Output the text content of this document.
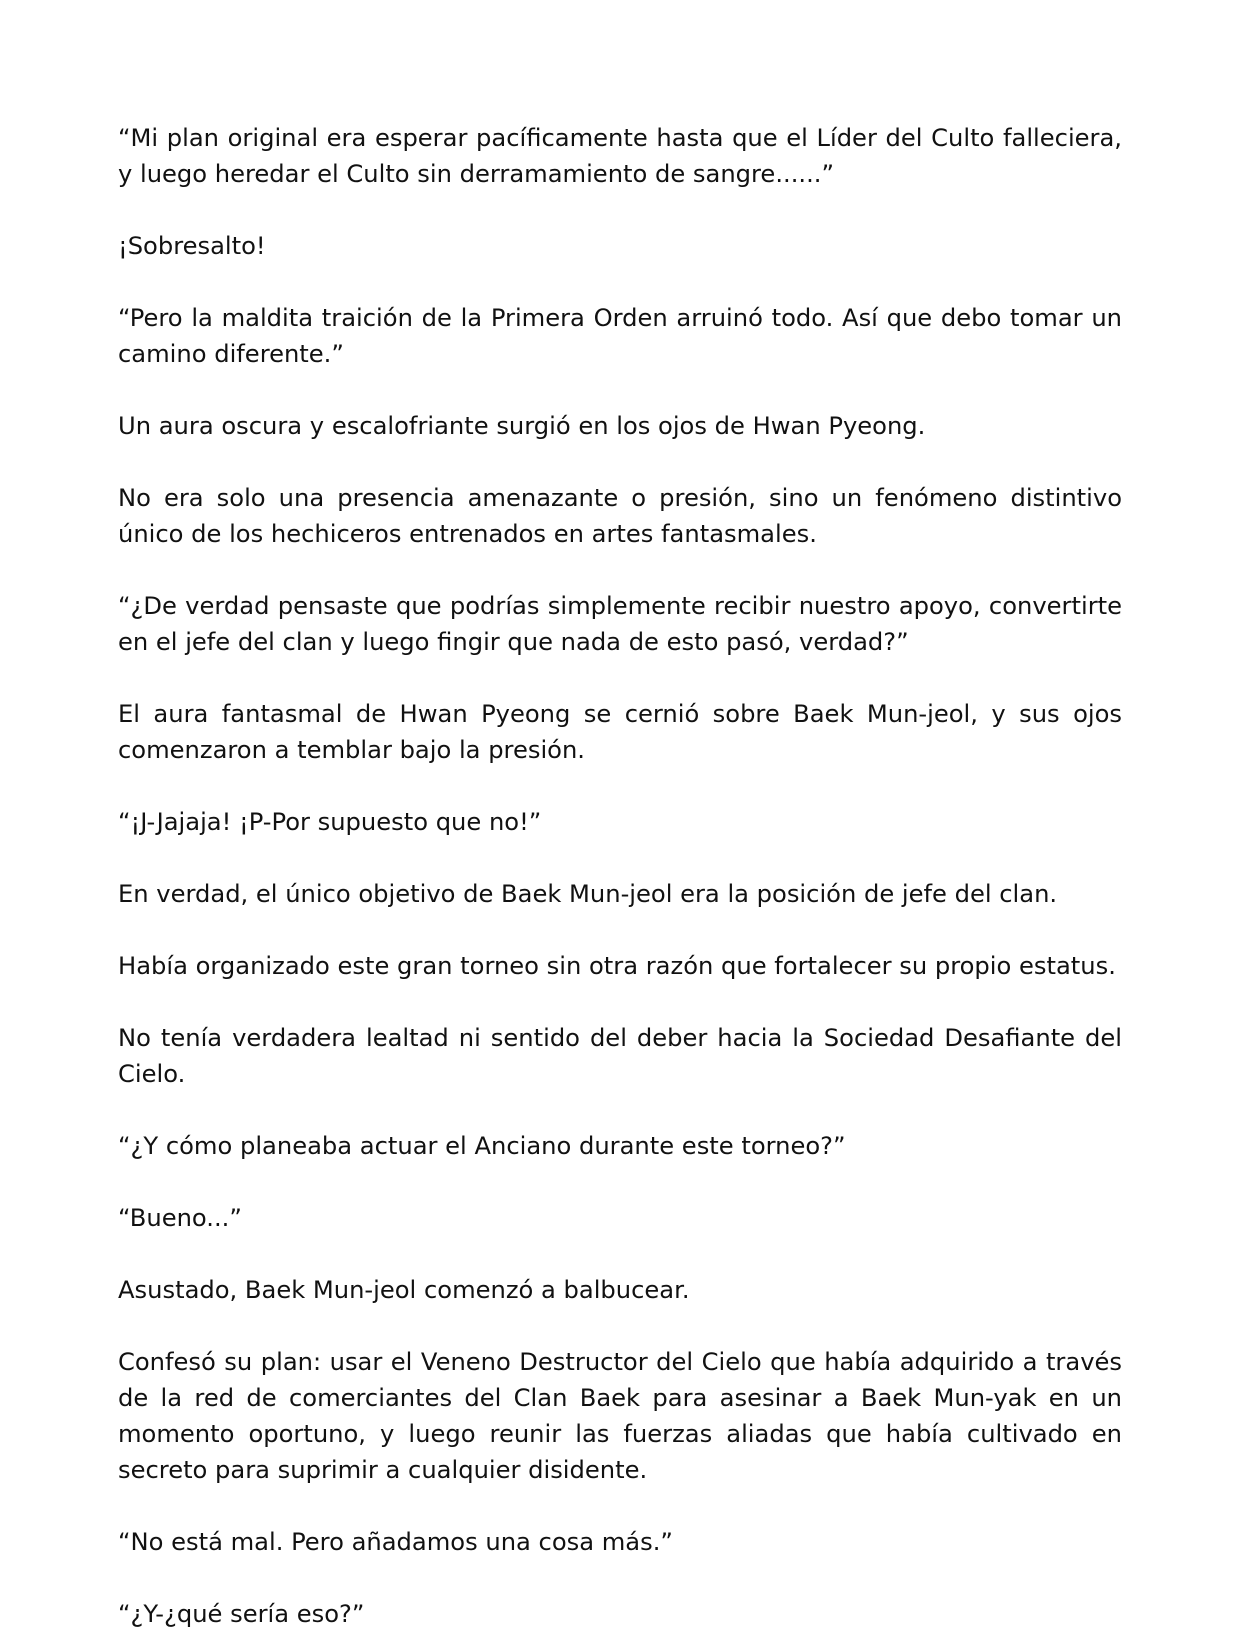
“Mi plan original era esperar pacíficamente hasta que el Líder del Culto falleciera, y luego heredar el Culto sin derramamiento de sangre......”

¡Sobresalto!

“Pero la maldita traición de la Primera Orden arruinó todo. Así que debo tomar un camino diferente.”

Un aura oscura y escalofriante surgió en los ojos de Hwan Pyeong.

No era solo una presencia amenazante o presión, sino un fenómeno distintivo único de los hechiceros entrenados en artes fantasmales.

“¿De verdad pensaste que podrías simplemente recibir nuestro apoyo, convertirte en el jefe del clan y luego fingir que nada de esto pasó, verdad?”

El aura fantasmal de Hwan Pyeong se cernió sobre Baek Mun-jeol, y sus ojos comenzaron a temblar bajo la presión.

“¡J-Jajaja! ¡P-Por supuesto que no!”

En verdad, el único objetivo de Baek Mun-jeol era la posición de jefe del clan.

Había organizado este gran torneo sin otra razón que fortalecer su propio estatus.

No tenía verdadera lealtad ni sentido del deber hacia la Sociedad Desafiante del Cielo.

“¿Y cómo planeaba actuar el Anciano durante este torneo?”

“Bueno...”

Asustado, Baek Mun-jeol comenzó a balbucear.

Confesó su plan: usar el Veneno Destructor del Cielo que había adquirido a través de la red de comerciantes del Clan Baek para asesinar a Baek Mun-yak en un momento oportuno, y luego reunir las fuerzas aliadas que había cultivado en secreto para suprimir a cualquier disidente.

“No está mal. Pero añadamos una cosa más.”

“¿Y-¿qué sería eso?”
